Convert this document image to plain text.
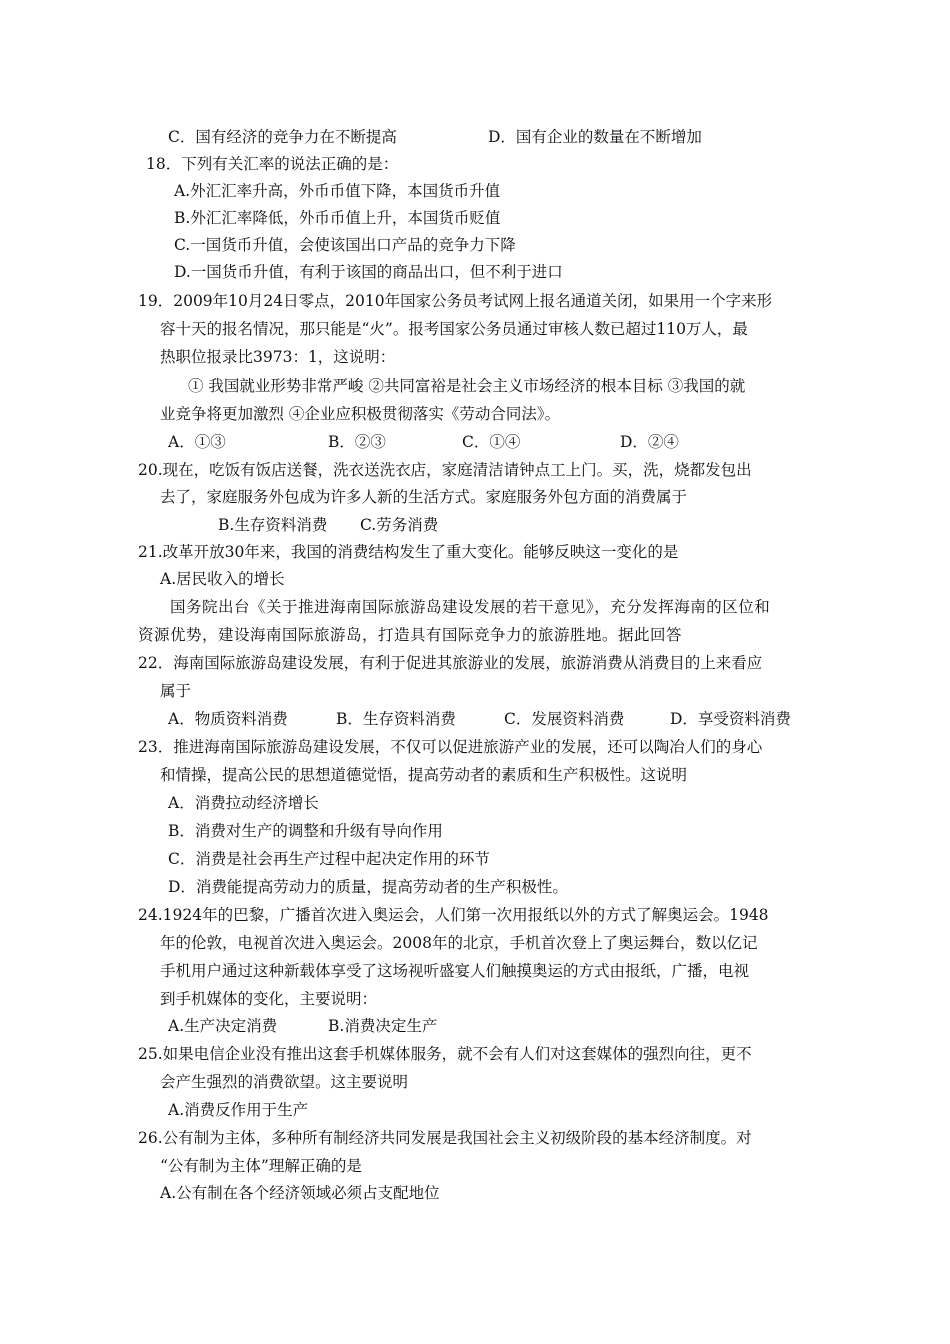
C．国有经济的竞争力在不断提高	D．国有企业的数量在不断增加
18．下列有关汇率的说法正确的是：
A.外汇汇率升高，外币币值下降，本国货币升值
B.外汇汇率降低，外币币值上升，本国货币贬值
C.一国货币升值，会使该国出口产品的竞争力下降
D.一国货币升值，有利于该国的商品出口，但不利于进口
19．2009年10月24日零点，2010年国家公务员考试网上报名通道关闭，如果用一个字来形
容十天的报名情况，那只能是“火”。报考国家公务员通过审核人数已超过110万人，最
热职位报录比3973：1，这说明：
① 我国就业形势非常严峻 ②共同富裕是社会主义市场经济的根本目标 ③我国的就
业竞争将更加激烈 ④企业应积极贯彻落实《劳动合同法》。
A．①③	B．②③	C．①④	D．②④
20.现在，吃饭有饭店送餐，洗衣送洗衣店，家庭清洁请钟点工上门。买，洗，烧都发包出
去了，家庭服务外包成为许多人新的生活方式。家庭服务外包方面的消费属于
B.生存资料消费 C.劳务消费
21.改革开放30年来，我国的消费结构发生了重大变化。能够反映这一变化的是
A.居民收入的增长
国务院出台《关于推进海南国际旅游岛建设发展的若干意见》，充分发挥海南的区位和
资源优势，建设海南国际旅游岛，打造具有国际竞争力的旅游胜地。据此回答
22．海南国际旅游岛建设发展，有利于促进其旅游业的发展，旅游消费从消费目的上来看应
属于
A．物质资料消费	B．生存资料消费	C．发展资料消费	D．享受资料消费
23．推进海南国际旅游岛建设发展，不仅可以促进旅游产业的发展，还可以陶冶人们的身心
和情操，提高公民的思想道德觉悟，提高劳动者的素质和生产积极性。这说明
A．消费拉动经济增长
B．消费对生产的调整和升级有导向作用
C．消费是社会再生产过程中起决定作用的环节
D．消费能提高劳动力的质量，提高劳动者的生产积极性。
24.1924年的巴黎，广播首次进入奥运会，人们第一次用报纸以外的方式了解奥运会。1948
年的伦敦，电视首次进入奥运会。2008年的北京，手机首次登上了奥运舞台，数以亿记
手机用户通过这种新载体享受了这场视听盛宴人们触摸奥运的方式由报纸，广播，电视
到手机媒体的变化，主要说明：
A.生产决定消费	B.消费决定生产
25.如果电信企业没有推出这套手机媒体服务，就不会有人们对这套媒体的强烈向往，更不
会产生强烈的消费欲望。这主要说明
A.消费反作用于生产
26.公有制为主体，多种所有制经济共同发展是我国社会主义初级阶段的基本经济制度。对
“公有制为主体”理解正确的是
A.公有制在各个经济领域必须占支配地位
